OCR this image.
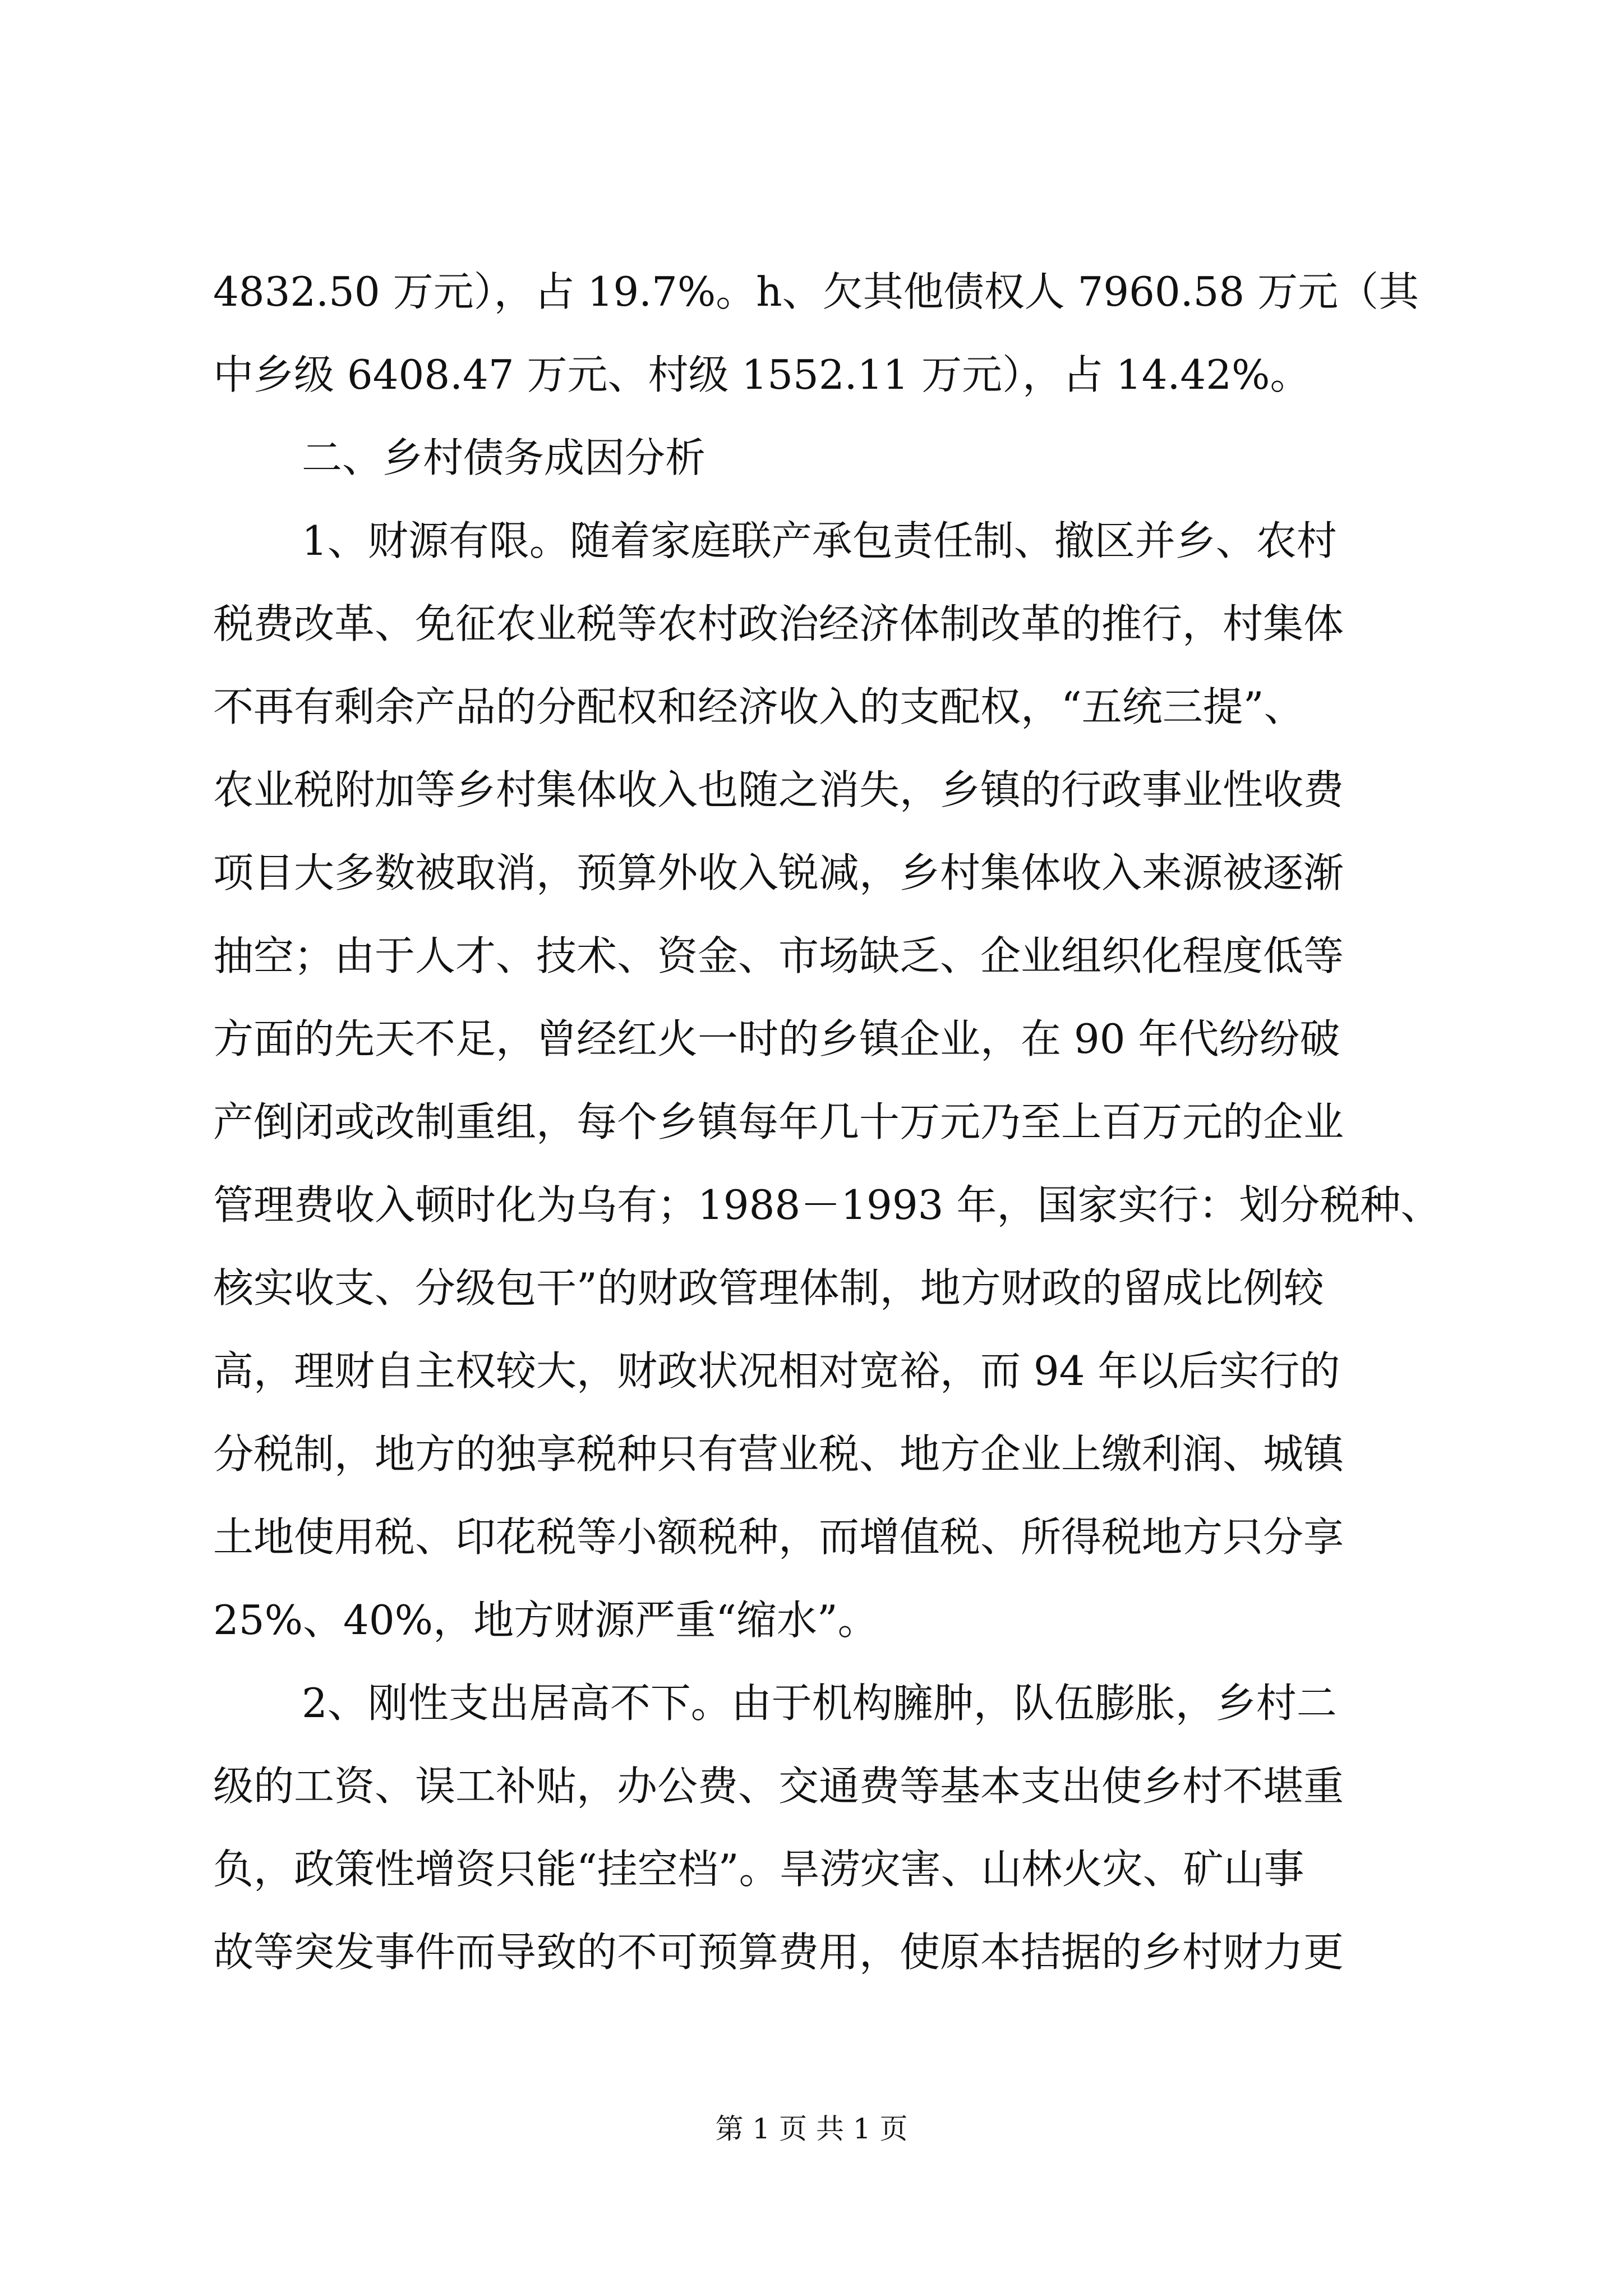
4832.50 万元），占 19.7%。h、欠其他债权人 7960.58 万元（其
中乡级 6408.47 万元、村级 1552.11 万元），占 14.42%。
二、乡村债务成因分析
1、财源有限。随着家庭联产承包责任制、撤区并乡、农村
税费改革、免征农业税等农村政治经济体制改革的推行，村集体
不再有剩余产品的分配权和经济收入的支配权，“五统三提”、
农业税附加等乡村集体收入也随之消失，乡镇的行政事业性收费
项目大多数被取消，预算外收入锐减，乡村集体收入来源被逐渐
抽空；由于人才、技术、资金、市场缺乏、企业组织化程度低等
方面的先天不足，曾经红火一时的乡镇企业，在 90 年代纷纷破
产倒闭或改制重组，每个乡镇每年几十万元乃至上百万元的企业
管理费收入顿时化为乌有；1988－1993 年，国家实行：划分税种、
核实收支、分级包干”的财政管理体制，地方财政的留成比例较
高，理财自主权较大，财政状况相对宽裕，而 94 年以后实行的
分税制，地方的独享税种只有营业税、地方企业上缴利润、城镇
土地使用税、印花税等小额税种，而增值税、所得税地方只分享
25%、40%，地方财源严重“缩水”。
2、刚性支出居高不下。由于机构臃肿，队伍膨胀，乡村二
级的工资、误工补贴，办公费、交通费等基本支出使乡村不堪重
负，政策性增资只能“挂空档”。旱涝灾害、山林火灾、矿山事
故等突发事件而导致的不可预算费用，使原本拮据的乡村财力更
第 1 页 共 1 页
